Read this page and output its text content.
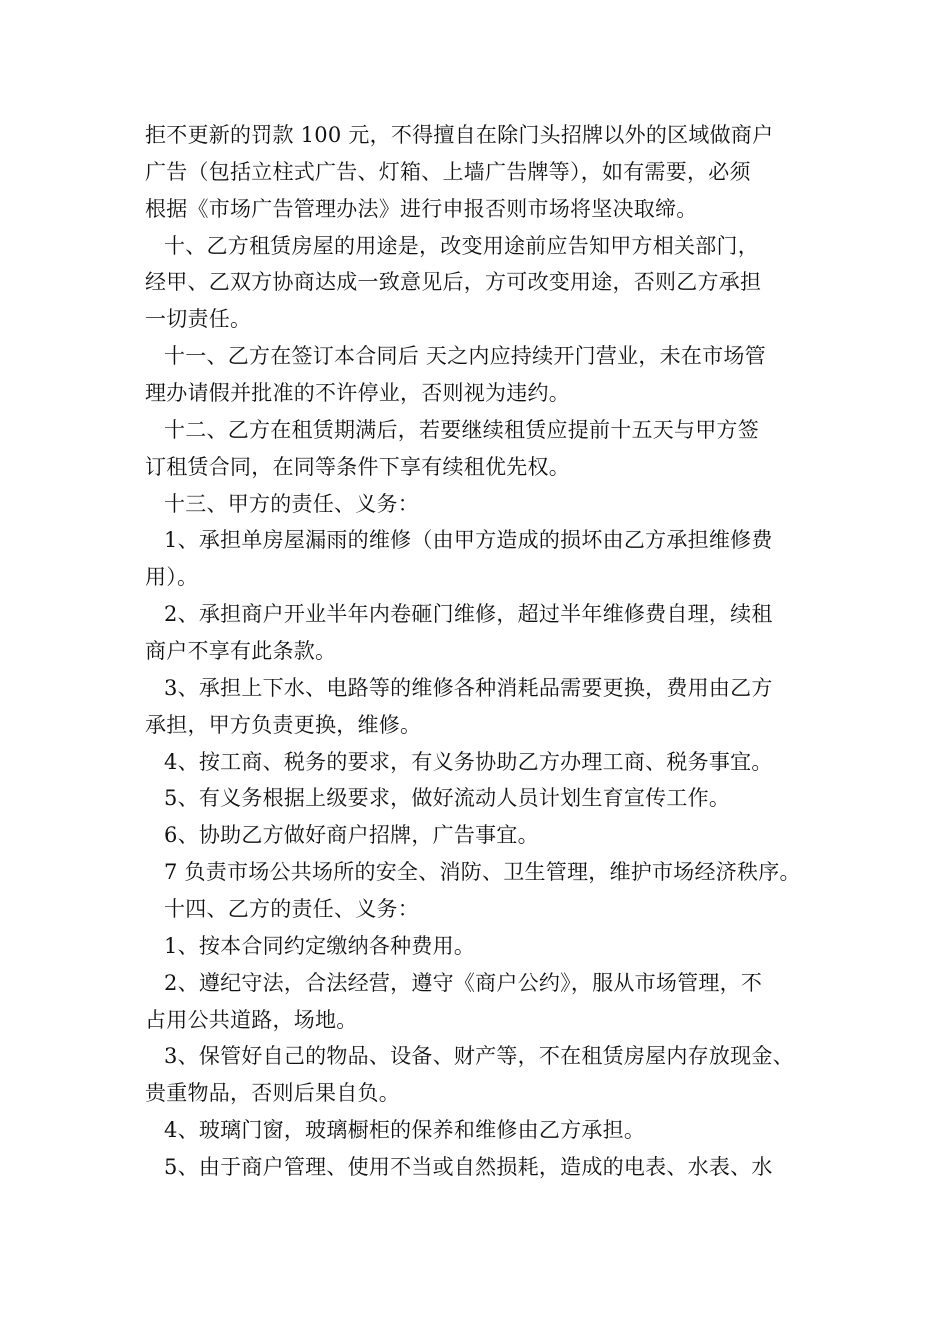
拒不更新的罚款 100 元，不得擅自在除门头招牌以外的区域做商户
广告（包括立柱式广告、灯箱、上墙广告牌等），如有需要，必须
根据《市场广告管理办法》进行申报否则市场将坚决取缔。
十、乙方租赁房屋的用途是，改变用途前应告知甲方相关部门，
经甲、乙双方协商达成一致意见后，方可改变用途，否则乙方承担
一切责任。
十一、乙方在签订本合同后 天之内应持续开门营业，未在市场管
理办请假并批准的不许停业，否则视为违约。
十二、乙方在租赁期满后，若要继续租赁应提前十五天与甲方签
订租赁合同，在同等条件下享有续租优先权。
十三、甲方的责任、义务：
1、承担单房屋漏雨的维修（由甲方造成的损坏由乙方承担维修费
用）。
2、承担商户开业半年内卷砸门维修，超过半年维修费自理，续租
商户不享有此条款。
3、承担上下水、电路等的维修各种消耗品需要更换，费用由乙方
承担，甲方负责更换，维修。
4、按工商、税务的要求，有义务协助乙方办理工商、税务事宜。
5、有义务根据上级要求，做好流动人员计划生育宣传工作。
6、协助乙方做好商户招牌，广告事宜。
7 负责市场公共场所的安全、消防、卫生管理，维护市场经济秩序。
十四、乙方的责任、义务：
1、按本合同约定缴纳各种费用。
2、遵纪守法，合法经营，遵守《商户公约》，服从市场管理，不
占用公共道路，场地。
3、保管好自己的物品、设备、财产等，不在租赁房屋内存放现金、
贵重物品，否则后果自负。
4、玻璃门窗，玻璃橱柜的保养和维修由乙方承担。
5、由于商户管理、使用不当或自然损耗，造成的电表、水表、水
